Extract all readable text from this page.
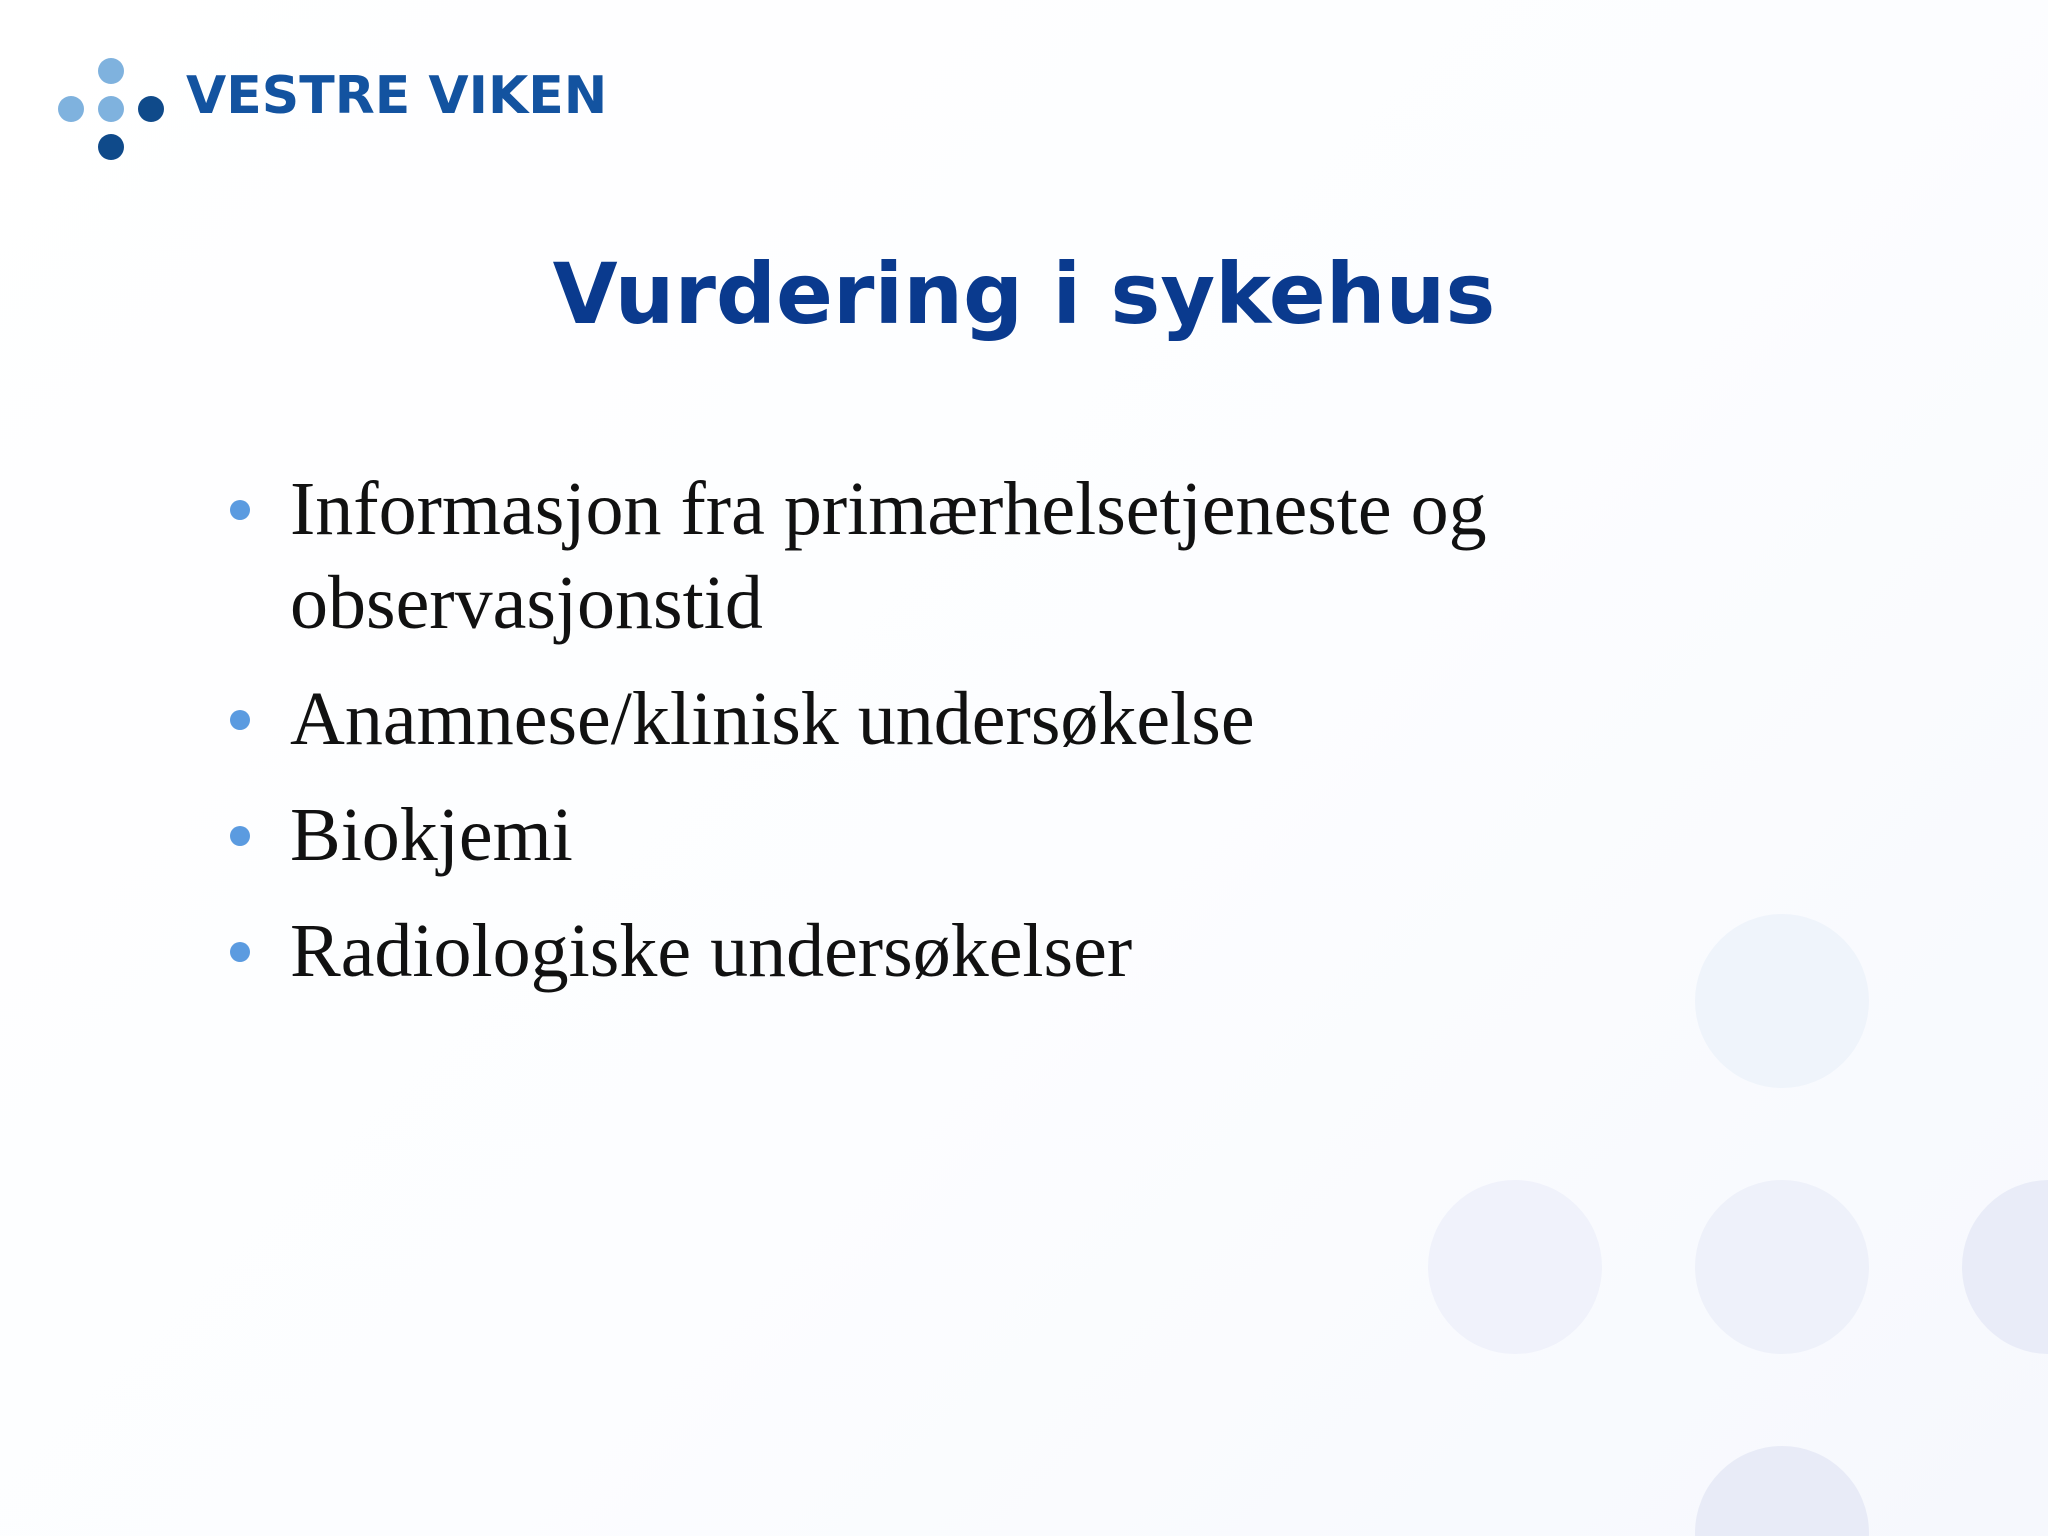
VESTRE VIKEN
Vurdering i sykehus
Informasjon fra primærhelsetjeneste og observasjonstid
Anamnese/klinisk undersøkelse
Biokjemi
Radiologiske undersøkelser
